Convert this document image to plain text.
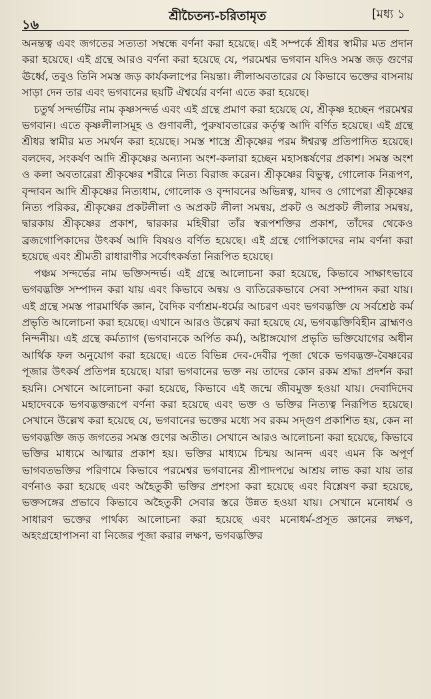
১৬
শ্রীচৈতন্য-চরিতামৃত	[মধ্য ১

অনন্তত্ব এবং জগতের সত্যতা সম্বন্ধে বর্ণনা করা হয়েছে। এই সম্পর্কে শ্রীধর স্বামীর মত প্রদান করা হয়েছে। এই গ্রন্থে আরও বর্ণনা করা হয়েছে যে, পরমেশ্বর ভগবান যদিও সমস্ত জড় গুণের ঊর্ধ্বে, তবুও তিনি সমস্ত জড় কার্যকলাপের নিয়ন্তা। লীলাঅবতারের যে কিভাবে ভক্তের বাসনায় সাড়া দেন তার এবং ভগবানের ছয়টি ঐশ্বর্যের বর্ণনা এতে করা হয়েছে।

চতুর্থ সন্দর্ভটির নাম কৃষ্ণসন্দর্ভ এবং এই গ্রন্থে প্রমাণ করা হয়েছে যে, শ্রীকৃষ্ণ হচ্ছেন পরমেশ্বর ভগবান। এতে কৃষ্ণলীলাসমূহ ও গুণাবলী, পুরুষাবতারের কর্তৃত্ব আদি বর্ণিত হয়েছে। এই গ্রন্থে শ্রীধর স্বামীর মত সমর্থন করা হয়েছে। সমস্ত শাস্ত্রে শ্রীকৃষ্ণের পরম ঈশ্বরত্ব প্রতিপাদিত হয়েছে। বলদেব, সংকর্ষণ আদি শ্রীকৃষ্ণের অন্যান্য অংশ-কলারা হচ্ছেন মহাসঙ্কর্ষণের প্রকাশ। সমস্ত অংশ ও কলা অবতারেরা শ্রীকৃষ্ণের শরীরে নিত্য বিরাজ করেন। শ্রীকৃষ্ণের বিভুত্ব, গোলোক নিরূপণ, বৃন্দাবন আদি শ্রীকৃষ্ণের নিত্যধাম, গোলোক ও বৃন্দাবনের অভিন্নত্ব, যাদব ও গোপেরা শ্রীকৃষ্ণের নিত্য পরিকর, শ্রীকৃষ্ণের প্রকটলীলা ও অপ্রকট লীলা সমন্বয়, প্রকট ও অপ্রকট লীলার সমন্বয়, দ্বারকায় শ্রীকৃষ্ণের প্রকাশ, দ্বারকার মহিষীরা তাঁর স্বরূপশক্তির প্রকাশ, তাঁদের থেকেও ব্রজগোপিকাদের উৎকর্ষ আদি বিষয়ও বর্ণিত হয়েছে। এই গ্রন্থে গোপিকাদের নাম বর্ণনা করা হয়েছে এবং শ্রীমতী রাধারাণীর সর্বোৎকর্ষতা নিরূপিত হয়েছে।

পঞ্চম সন্দর্ভের নাম ভক্তিসন্দর্ভ। এই গ্রন্থে আলোচনা করা হয়েছে, কিভাবে সাক্ষাৎভাবে ভগবদ্ভক্তি সম্পাদন করা যায় এবং কিভাবে অন্বয় ও ব্যতিরেকভাবে সেবা সম্পাদন করা যায়। এই গ্রন্থে সমস্ত পারমার্থিক জ্ঞান, বৈদিক বর্ণাশ্রম-ধর্মের আচরণ এবং ভগবদ্ভক্তি যে সর্বশ্রেষ্ঠ কর্ম প্রভৃতি আলোচনা করা হয়েছে। এখানে আরও উল্লেখ করা হয়েছে যে, ভগবদ্ভক্তিবিহীন ব্রাহ্মণও নিন্দনীয়। এই গ্রন্থে কর্মত্যাগ (ভগবানকে অর্পিত কর্ম), অষ্টাঙ্গযোগ প্রভৃতি ভক্তিযোগের অধীন আর্থিক ফল অনুযোগ করা হয়েছে। এতে বিভিন্ন দেব-দেবীর পূজা থেকে ভগবদ্ভক্ত-বৈষ্ণবের পূজার উৎকর্ষ প্রতিপন্ন হয়েছে। যারা ভগবানের ভক্ত নয় তাদের কোন রকম শ্রদ্ধা প্রদর্শন করা হয়নি। সেখানে আলোচনা করা হয়েছে, কিভাবে এই জন্মে জীবমুক্ত হওয়া যায়। দেবাদিদেব মহাদেবকে ভগবদ্ভক্তরূপে বর্ণনা করা হয়েছে এবং ভক্ত ও ভক্তির নিত্যত্ব নিরূপিত হয়েছে। সেখানে উল্লেখ করা হয়েছে যে, ভগবানের ভক্তের মধ্যে সব রকম সদ্গুণ প্রকাশিত হয়, কেন না ভগবদ্ভক্তি জড় জগতের সমস্ত গুণের অতীত। সেখানে আরও আলোচনা করা হয়েছে, কিভাবে ভক্তির মাধ্যমে আত্মার প্রকাশ হয়। ভক্তির মাধ্যমে চিন্ময় আনন্দ এবং এমন কি অপূর্ণ ভাগবতভক্তির পরিণামে কিভাবে পরমেশ্বর ভগবানের শ্রীপাদপদ্মে আশ্রয় লাভ করা যায় তার বর্ণনাও করা হয়েছে এবং অহৈতুকী ভক্তির প্রশংসা করা হয়েছে এবং বিশ্লেষণ করা হয়েছে, ভক্তসঙ্গের প্রভাবে কিভাবে অহৈতুকী সেবার স্তরে উন্নত হওয়া যায়। সেখানে মনোধর্ম ও সাধারণ ভক্তের পার্থক্য আলোচনা করা হয়েছে এবং মনোধর্ম-প্রসূত জ্ঞানের লক্ষণ, অহংগ্রহোপাসনা বা নিজের পূজা করার লক্ষণ, ভগবদ্ভক্তির
